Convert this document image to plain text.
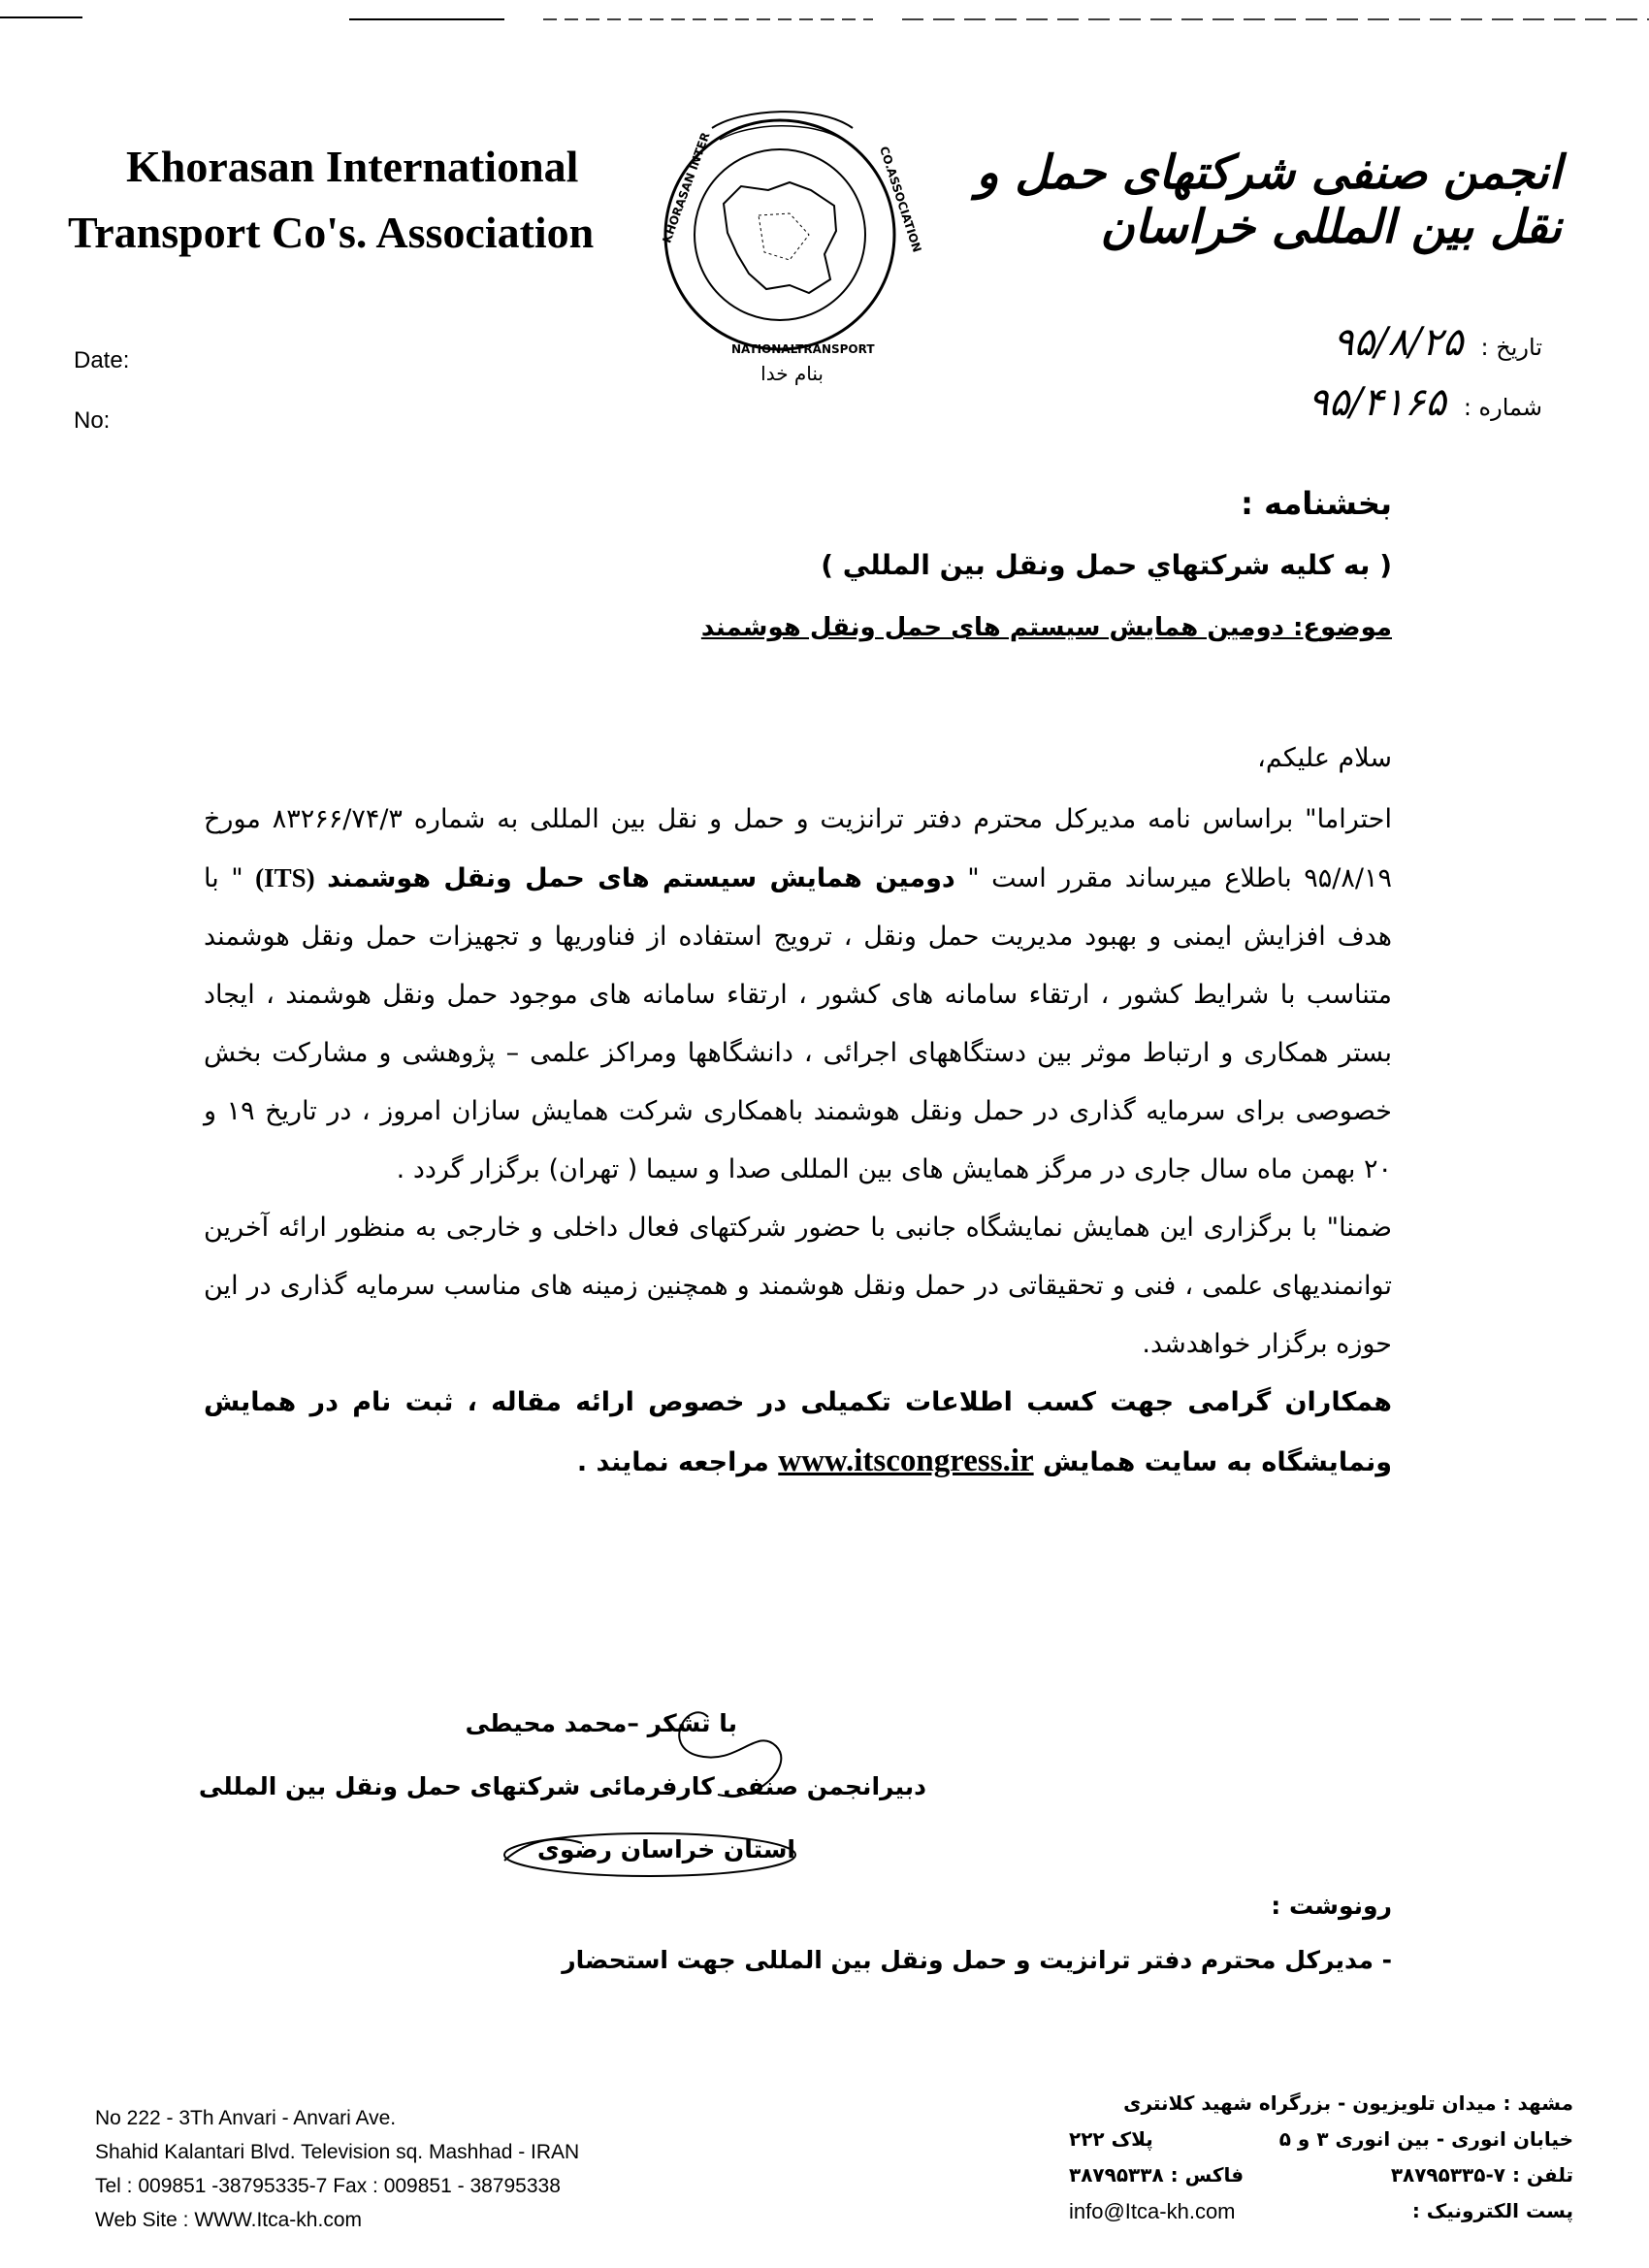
Khorasan International
Transport Co's. Association	KHORASAN INTER
NATIONALTRANSPORT
CO.ASSOCIATION
بنام خدا
انجمن صنفی شرکتهای حمل و نقل بین المللی خراسان
Date:
No:
تاریخ :
۹۵/۸/۲۵
شماره :
۹۵/۴۱۶۵
بخشنامه :
( به كليه شركتهاي حمل ونقل بين المللي )
موضوع: دومین همایش سیستم های حمل ونقل هوشمند
سلام علیکم،

احتراما" براساس نامه مدیرکل محترم دفتر ترانزیت و حمل و نقل بین المللی به شماره ۸۳۲۶۶/۷۴/۳ مورخ ۹۵/۸/۱۹ باطلاع میرساند مقرر است " دومین همایش سیستم های حمل ونقل هوشمند (ITS) " با هدف افزایش ایمنی و بهبود مدیریت حمل ونقل ، ترویج استفاده از فناوریها و تجهیزات حمل ونقل هوشمند متناسب با شرایط کشور ، ارتقاء سامانه های کشور ، ارتقاء سامانه های موجود حمل ونقل هوشمند ، ایجاد بستر همکاری و ارتباط موثر بین دستگاههای اجرائی ، دانشگاهها ومراکز علمی – پژوهشی و مشارکت بخش خصوصی برای سرمایه گذاری در حمل ونقل هوشمند باهمکاری شرکت همایش سازان امروز ، در تاریخ ۱۹ و ۲۰ بهمن ماه سال جاری در مرگز همایش های بین المللی صدا و سیما ( تهران) برگزار گردد .

ضمنا" با برگزاری این همایش نمایشگاه جانبی با حضور شرکتهای فعال داخلی و خارجی به منظور ارائه آخرین توانمندیهای علمی ، فنی و تحقیقاتی در حمل ونقل هوشمند و همچنین زمینه های مناسب سرمایه گذاری در این حوزه برگزار خواهدشد.

همکاران گرامی جهت کسب اطلاعات تکمیلی در خصوص ارائه مقاله ، ثبت نام در همایش ونمایشگاه به سایت همایش www.itscongress.ir مراجعه نمایند .

با تشکر –محمد محیطی
دبیرانجمن صنفی کارفرمائی شرکتهای حمل ونقل بین المللی
استان خراسان رضوی
رونوشت :
- مدیرکل محترم دفتر ترانزیت و حمل ونقل بین المللی جهت استحضار
No 222 - 3Th Anvari - Anvari Ave.
Shahid Kalantari Blvd. Television sq. Mashhad - IRAN
Tel : 009851 -38795335-7 Fax : 009851 - 38795338
Web Site : WWW.Itca-kh.com
مشهد : میدان تلویزیون - بزرگراه شهید کلانتری
خیابان انوری - بین انوری ۳ و ۵
پلاک ۲۲۲
تلفن : ۷-۳۸۷۹۵۳۳۵
فاکس : ۳۸۷۹۵۳۳۸
پست الکترونیک :
info@Itca-kh.com
